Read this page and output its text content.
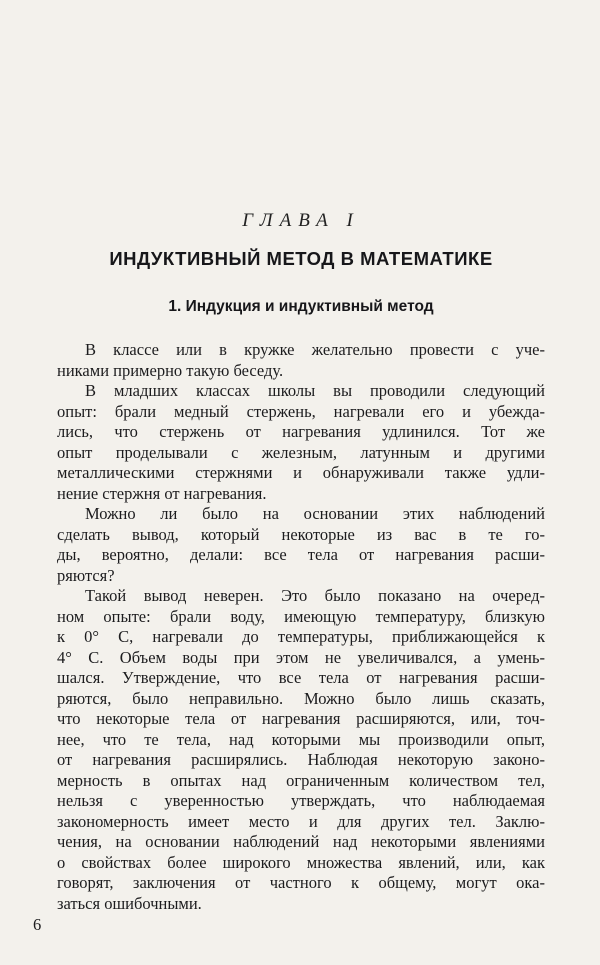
ГЛАВА I
ИНДУКТИВНЫЙ МЕТОД В МАТЕМАТИКЕ
1. Индукция и индуктивный метод
В классе или в кружке желательно провести с уче-
никами примерно такую беседу.
В младших классах школы вы проводили следующий
опыт: брали медный стержень, нагревали его и убежда-
лись, что стержень от нагревания удлинился. Тот же
опыт проделывали с железным, латунным и другими
металлическими стержнями и обнаруживали также удли-
нение стержня от нагревания.
Можно ли было на основании этих наблюдений
сделать вывод, который некоторые из вас в те го-
ды, вероятно, делали: все тела от нагревания расши-
ряются?
Такой вывод неверен. Это было показано на очеред-
ном опыте: брали воду, имеющую температуру, близкую
к 0° С, нагревали до температуры, приближающейся к
4° С. Объем воды при этом не увеличивался, а умень-
шался. Утверждение, что все тела от нагревания расши-
ряются, было неправильно. Можно было лишь сказать,
что некоторые тела от нагревания расширяются, или, точ-
нее, что те тела, над которыми мы производили опыт,
от нагревания расширялись. Наблюдая некоторую законо-
мерность в опытах над ограниченным количеством тел,
нельзя с уверенностью утверждать, что наблюдаемая
закономерность имеет место и для других тел. Заклю-
чения, на основании наблюдений над некоторыми явлениями
о свойствах более широкого множества явлений, или, как
говорят, заключения от частного к общему, могут ока-
заться ошибочными.
6
